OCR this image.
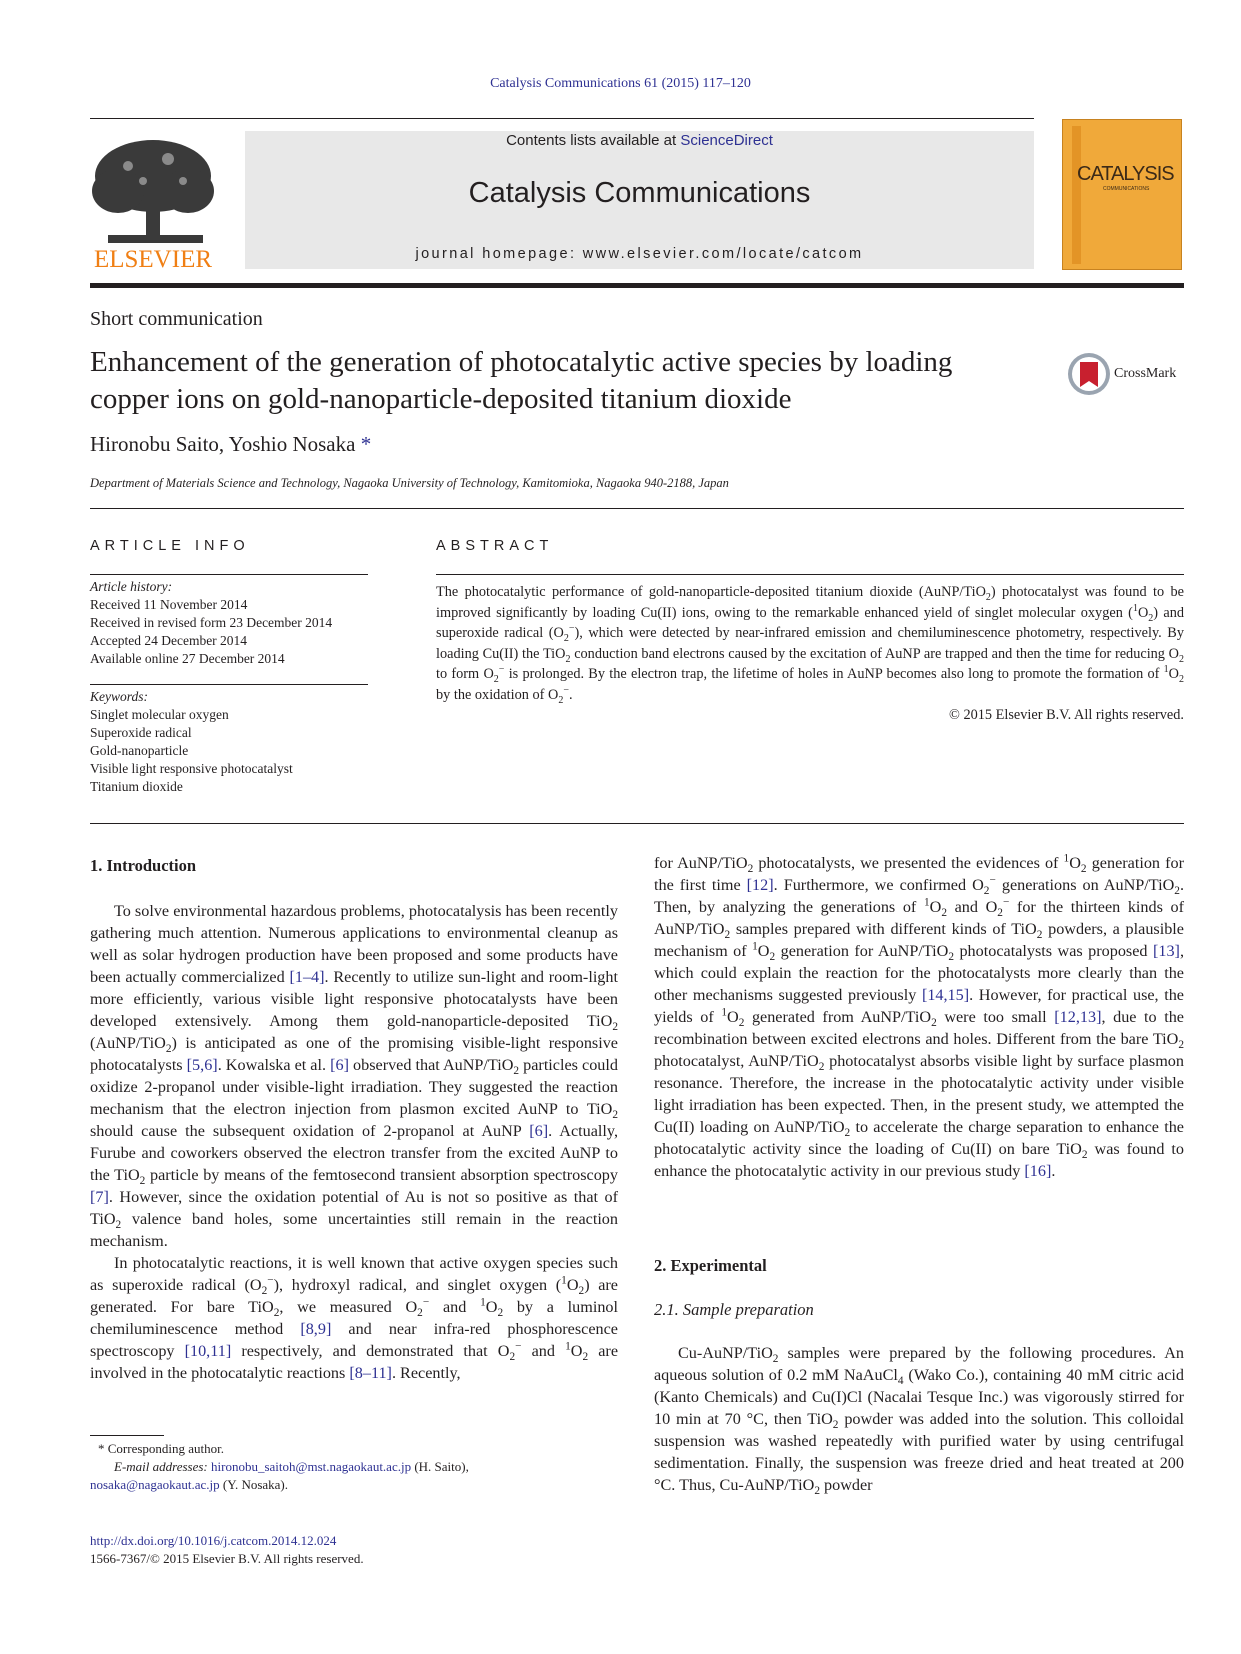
Catalysis Communications 61 (2015) 117–120
ELSEVIER
Contents lists available at ScienceDirect
Catalysis Communications
journal homepage: www.elsevier.com/locate/catcom
CATALYSIS
COMMUNICATIONS
Short communication
Enhancement of the generation of photocatalytic active species by loading copper ions on gold-nanoparticle-deposited titanium dioxide
CrossMark
Hironobu Saito, Yoshio Nosaka *
Department of Materials Science and Technology, Nagaoka University of Technology, Kamitomioka, Nagaoka 940-2188, Japan
ARTICLE INFO
Article history:
Received 11 November 2014
Received in revised form 23 December 2014
Accepted 24 December 2014
Available online 27 December 2014
Keywords:
Singlet molecular oxygen
Superoxide radical
Gold-nanoparticle
Visible light responsive photocatalyst
Titanium dioxide
ABSTRACT
The photocatalytic performance of gold-nanoparticle-deposited titanium dioxide (AuNP/TiO$_2$) photocatalyst was found to be improved significantly by loading Cu(II) ions, owing to the remarkable enhanced yield of singlet molecular oxygen $(^1O_2)$ and superoxide radical $(O_2^-)$, which were detected by near-infrared emission and chemiluminescence photometry, respectively. By loading Cu(II) the TiO$_2$ conduction band electrons caused by the excitation of AuNP are trapped and then the time for reducing $O_2$ to form $O_2^-$ is prolonged. By the electron trap, the lifetime of holes in AuNP becomes also long to promote the formation of $^1O_2$ by the oxidation of $O_2^-$.
© 2015 Elsevier B.V. All rights reserved.
1. Introduction

To solve environmental hazardous problems, photocatalysis has been recently gathering much attention. Numerous applications to environmental cleanup as well as solar hydrogen production have been proposed and some products have been actually commercialized [1–4]. Recently to utilize sun-light and room-light more efficiently, various visible light responsive photocatalysts have been developed extensively. Among them gold-nanoparticle-deposited TiO$_2$ (AuNP/TiO$_2$) is anticipated as one of the promising visible-light responsive photocatalysts [5,6]. Kowalska et al. [6] observed that AuNP/TiO$_2$ particles could oxidize 2-propanol under visible-light irradiation. They suggested the reaction mechanism that the electron injection from plasmon excited AuNP to TiO$_2$ should cause the subsequent oxidation of 2-propanol at AuNP [6]. Actually, Furube and coworkers observed the electron transfer from the excited AuNP to the TiO$_2$ particle by means of the femtosecond transient absorption spectroscopy [7]. However, since the oxidation potential of Au is not so positive as that of TiO$_2$ valence band holes, some uncertainties still remain in the reaction mechanism.

In photocatalytic reactions, it is well known that active oxygen species such as superoxide radical $(O_2^-)$, hydroxyl radical, and singlet oxygen $(^1O_2)$ are generated. For bare TiO$_2$, we measured $O_2^-$ and $^1O_2$ by a luminol chemiluminescence method [8,9] and near infra-red phosphorescence spectroscopy [10,11] respectively, and demonstrated that $O_2^-$ and $^1O_2$ are involved in the photocatalytic reactions [8–11]. Recently,

* Corresponding author.
E-mail addresses: hironobu_saitoh@mst.nagaokaut.ac.jp (H. Saito),
nosaka@nagaokaut.ac.jp (Y. Nosaka).
http://dx.doi.org/10.1016/j.catcom.2014.12.024
1566-7367/© 2015 Elsevier B.V. All rights reserved.

for AuNP/TiO$_2$ photocatalysts, we presented the evidences of $^1O_2$ generation for the first time [12]. Furthermore, we confirmed $O_2^-$ generations on AuNP/TiO$_2$. Then, by analyzing the generations of $^1O_2$ and $O_2^-$ for the thirteen kinds of AuNP/TiO$_2$ samples prepared with different kinds of TiO$_2$ powders, a plausible mechanism of $^1O_2$ generation for AuNP/TiO$_2$ photocatalysts was proposed [13], which could explain the reaction for the photocatalysts more clearly than the other mechanisms suggested previously [14,15]. However, for practical use, the yields of $^1O_2$ generated from AuNP/TiO$_2$ were too small [12,13], due to the recombination between excited electrons and holes. Different from the bare TiO$_2$ photocatalyst, AuNP/TiO$_2$ photocatalyst absorbs visible light by surface plasmon resonance. Therefore, the increase in the photocatalytic activity under visible light irradiation has been expected. Then, in the present study, we attempted the Cu(II) loading on AuNP/TiO$_2$ to accelerate the charge separation to enhance the photocatalytic activity since the loading of Cu(II) on bare TiO$_2$ was found to enhance the photocatalytic activity in our previous study [16].

2. Experimental
2.1. Sample preparation

Cu-AuNP/TiO$_2$ samples were prepared by the following procedures. An aqueous solution of 0.2 mM NaAuCl$_4$ (Wako Co.), containing 40 mM citric acid (Kanto Chemicals) and Cu(I)Cl (Nacalai Tesque Inc.) was vigorously stirred for 10 min at 70 °C, then TiO$_2$ powder was added into the solution. This colloidal suspension was washed repeatedly with purified water by using centrifugal sedimentation. Finally, the suspension was freeze dried and heat treated at 200 °C. Thus, Cu-AuNP/TiO$_2$ powder
